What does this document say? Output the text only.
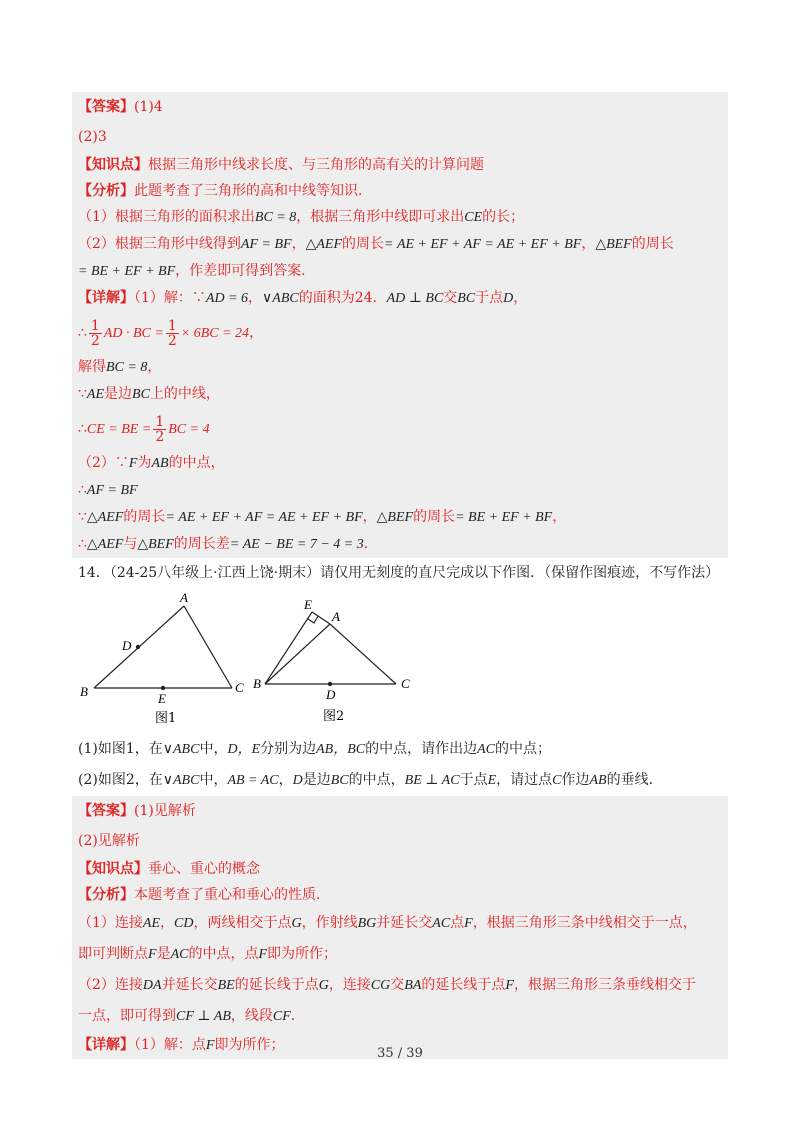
【答案】(1)4
(2)3
【知识点】根据三角形中线求长度、与三角形的高有关的计算问题
【分析】此题考查了三角形的高和中线等知识．
（1）根据三角形的面积求出BC = 8，根据三角形中线即可求出CE的长；
（2）根据三角形中线得到AF = BF，△AEF的周长= AE + EF + AF = AE + EF + BF，△BEF的周长
= BE + EF + BF，作差即可得到答案．
【详解】（1）解：∵AD = 6，∨ABC的面积为24．AD ⊥ BC交BC于点D，
∴ $\frac{1}{2}$ AD · BC = $\frac{1}{2} \times 6BC = 24$，
解得BC = 8，
∵AE是边BC上的中线，
∴CE = BE = $\frac{1}{2}$ BC = 4
（2）∵F为AB的中点，
∴AF = BF
∵△AEF的周长= AE + EF + AF = AE + EF + BF，△BEF的周长= BE + EF + BF，
∴△AEF与△BEF的周长差= AE − BE = 7 − 4 = 3．
14．（24-25八年级上·江西上饶·期末）请仅用无刻度的直尺完成以下作图．（保留作图痕迹，不写作法）
A
D
B	E
C
图1
E
A
B
D
C
图2
(1)如图1，在∨ABC中，D，E分别为边AB，BC的中点，请作出边AC的中点；
(2)如图2，在∨ABC中，AB = AC，D是边BC的中点，BE ⊥ AC于点E，请过点C作边AB的垂线．
【答案】(1)见解析
(2)见解析
【知识点】垂心、重心的概念
【分析】本题考查了重心和垂心的性质．
（1）连接AE，CD，两线相交于点G，作射线BG并延长交AC点F，根据三角形三条中线相交于一点，
即可判断点F是AC的中点，点F即为所作；
（2）连接DA并延长交BE的延长线于点G，连接CG交BA的延长线于点F，根据三角形三条垂线相交于
一点，即可得到CF ⊥ AB，线段CF．
【详解】（1）解：点F即为所作；
35 / 39
